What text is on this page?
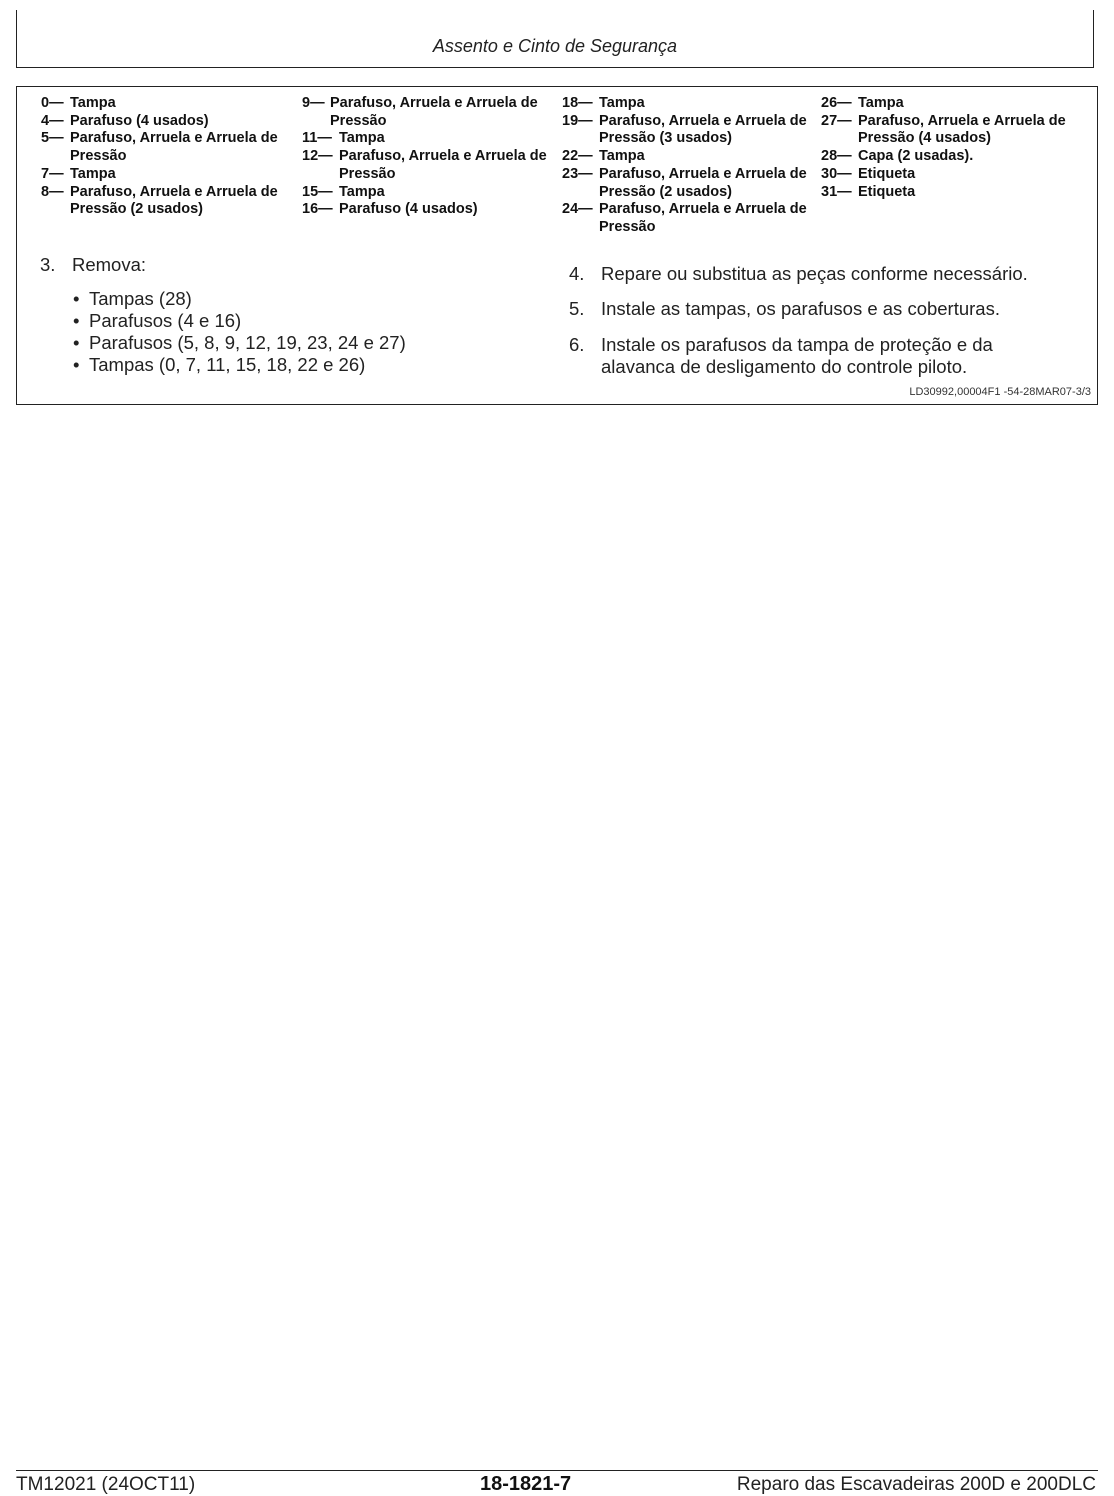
Assento e Cinto de Segurança
0— Tampa
4— Parafuso (4 usados)
5— Parafuso, Arruela e Arruela de Pressão
7— Tampa
8— Parafuso, Arruela e Arruela de Pressão (2 usados)
9— Parafuso, Arruela e Arruela de Pressão
11— Tampa
12— Parafuso, Arruela e Arruela de Pressão
15— Tampa
16— Parafuso (4 usados)
18— Tampa
19— Parafuso, Arruela e Arruela de Pressão (3 usados)
22— Tampa
23— Parafuso, Arruela e Arruela de Pressão (2 usados)
24— Parafuso, Arruela e Arruela de Pressão
26— Tampa
27— Parafuso, Arruela e Arruela de Pressão (4 usados)
28— Capa (2 usadas).
30— Etiqueta
31— Etiqueta
3. Remova:
• Tampas (28)
• Parafusos (4 e 16)
• Parafusos (5, 8, 9, 12, 19, 23, 24 e 27)
• Tampas (0, 7, 11, 15, 18, 22 e 26)
4. Repare ou substitua as peças conforme necessário.
5. Instale as tampas, os parafusos e as coberturas.
6. Instale os parafusos da tampa de proteção e da alavanca de desligamento do controle piloto.
LD30992,00004F1 -54-28MAR07-3/3
TM12021 (24OCT11)	18-1821-7	Reparo das Escavadeiras 200D e 200DLC
